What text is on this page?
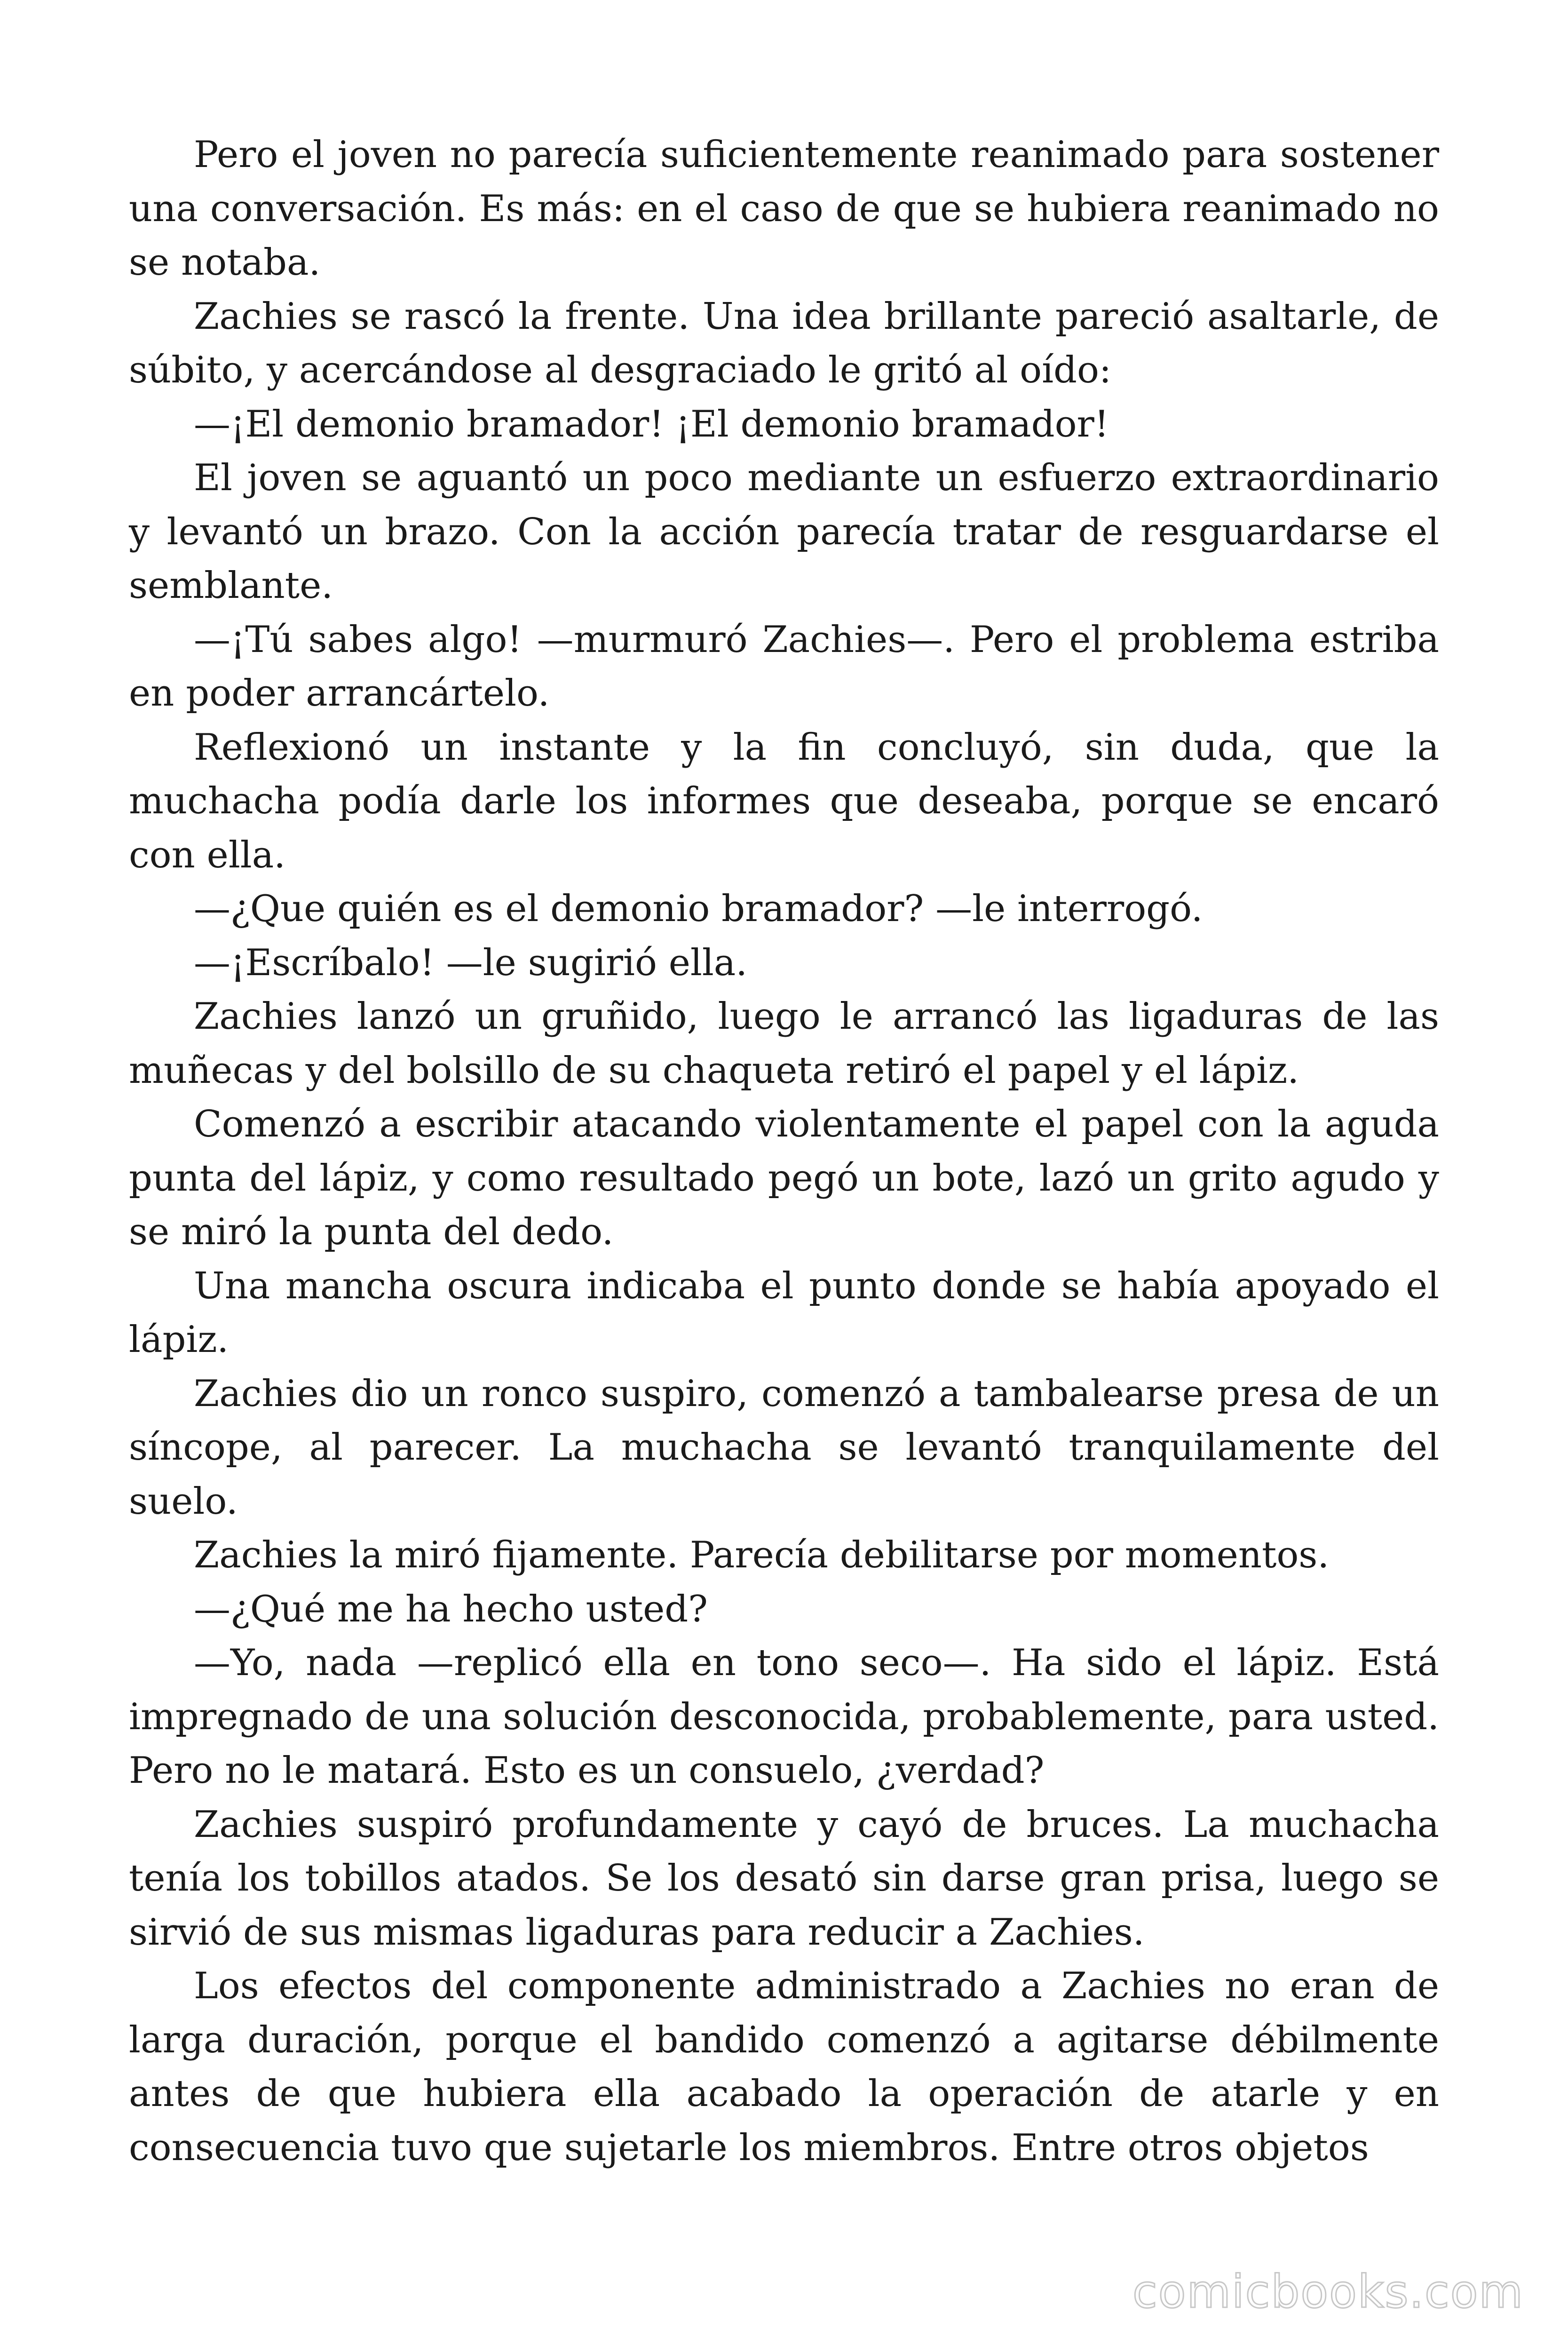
Pero el joven no parecía suficientemente reanimado para sostener una conversación. Es más: en el caso de que se hubiera reanimado no se notaba.

Zachies se rascó la frente. Una idea brillante pareció asaltarle, de súbito, y acercándose al desgraciado le gritó al oído:

—¡El demonio bramador! ¡El demonio bramador!

El joven se aguantó un poco mediante un esfuerzo extraordinario y levantó un brazo. Con la acción parecía tratar de resguardarse el semblante.

—¡Tú sabes algo! —murmuró Zachies—. Pero el problema estriba en poder arrancártelo.

Reflexionó un instante y la fin concluyó, sin duda, que la muchacha podía darle los informes que deseaba, porque se encaró con ella.

—¿Que quién es el demonio bramador? —le interrogó.

—¡Escríbalo! —le sugirió ella.

Zachies lanzó un gruñido, luego le arrancó las ligaduras de las muñecas y del bolsillo de su chaqueta retiró el papel y el lápiz.

Comenzó a escribir atacando violentamente el papel con la aguda punta del lápiz, y como resultado pegó un bote, lazó un grito agudo y se miró la punta del dedo.

Una mancha oscura indicaba el punto donde se había apoyado el lápiz.

Zachies dio un ronco suspiro, comenzó a tambalearse presa de un síncope, al parecer. La muchacha se levantó tranquilamente del suelo.

Zachies la miró fijamente. Parecía debilitarse por momentos.

—¿Qué me ha hecho usted?

—Yo, nada —replicó ella en tono seco—. Ha sido el lápiz. Está impregnado de una solución desconocida, probablemente, para usted. Pero no le matará. Esto es un consuelo, ¿verdad?

Zachies suspiró profundamente y cayó de bruces. La muchacha tenía los tobillos atados. Se los desató sin darse gran prisa, luego se sirvió de sus mismas ligaduras para reducir a Zachies.

Los efectos del componente administrado a Zachies no eran de larga duración, porque el bandido comenzó a agitarse débilmente antes de que hubiera ella acabado la operación de atarle y en consecuencia tuvo que sujetarle los miembros. Entre otros objetos

comicbooks.com
